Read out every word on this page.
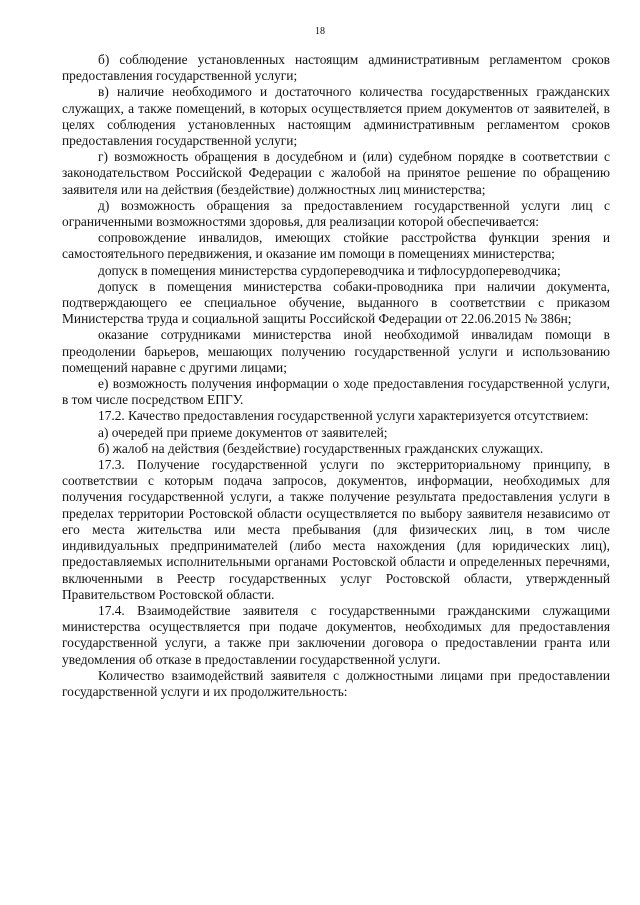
18

б) соблюдение установленных настоящим административным регламентом сроков предоставления государственной услуги;

в) наличие необходимого и достаточного количества государственных гражданских служащих, а также помещений, в которых осуществляется прием документов от заявителей, в целях соблюдения установленных настоящим административным регламентом сроков предоставления государственной услуги;

г) возможность обращения в досудебном и (или) судебном порядке в соответствии с законодательством Российской Федерации с жалобой на принятое решение по обращению заявителя или на действия (бездействие) должностных лиц министерства;

д) возможность обращения за предоставлением государственной услуги лиц с ограниченными возможностями здоровья, для реализации которой обеспечивается:

сопровождение инвалидов, имеющих стойкие расстройства функции зрения и самостоятельного передвижения, и оказание им помощи в помещениях министерства;

допуск в помещения министерства сурдопереводчика и тифлосурдопереводчика;

допуск в помещения министерства собаки-проводника при наличии документа, подтверждающего ее специальное обучение, выданного в соответствии с приказом Министерства труда и социальной защиты Российской Федерации от 22.06.2015 № 386н;

оказание сотрудниками министерства иной необходимой инвалидам помощи в преодолении барьеров, мешающих получению государственной услуги и использованию помещений наравне с другими лицами;

е) возможность получения информации о ходе предоставления государственной услуги, в том числе посредством ЕПГУ.

17.2. Качество предоставления государственной услуги характеризуется отсутствием:

а) очередей при приеме документов от заявителей;

б) жалоб на действия (бездействие) государственных гражданских служащих.

17.3. Получение государственной услуги по экстерриториальному принципу, в соответствии с которым подача запросов, документов, информации, необходимых для получения государственной услуги, а также получение результата предоставления услуги в пределах территории Ростовской области осуществляется по выбору заявителя независимо от его места жительства или места пребывания (для физических лиц, в том числе индивидуальных предпринимателей (либо места нахождения (для юридических лиц), предоставляемых исполнительными органами Ростовской области и определенных перечнями, включенными в Реестр государственных услуг Ростовской области, утвержденный Правительством Ростовской области.

17.4. Взаимодействие заявителя с государственными гражданскими служащими министерства осуществляется при подаче документов, необходимых для предоставления государственной услуги, а также при заключении договора о предоставлении гранта или уведомления об отказе в предоставлении государственной услуги.

Количество взаимодействий заявителя с должностными лицами при предоставлении государственной услуги и их продолжительность:
